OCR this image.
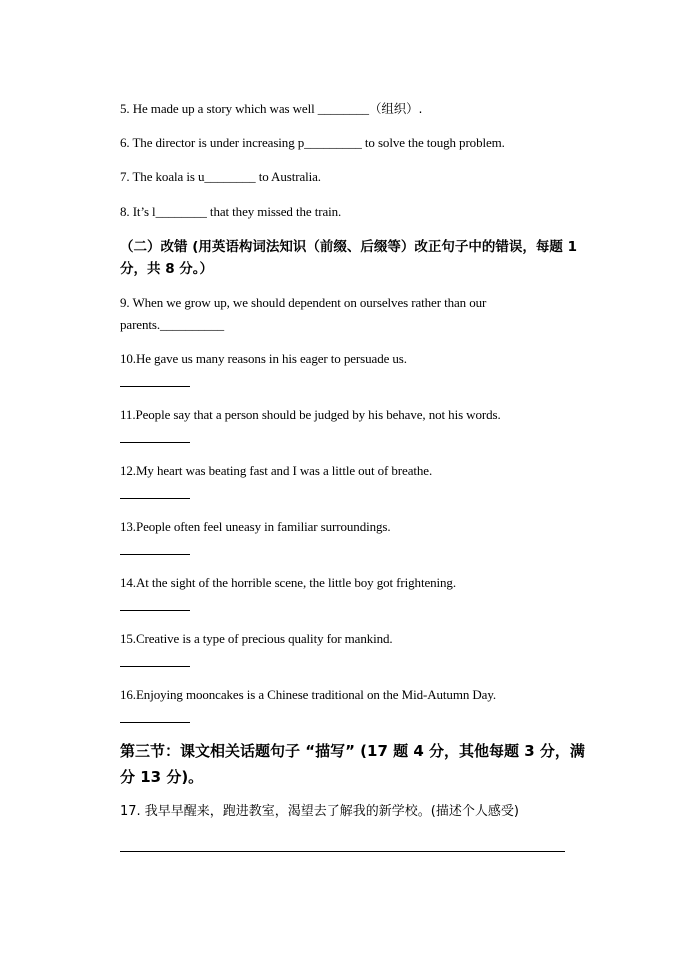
5. He made up a story which was well ________（组织）.
6. The director is under increasing p_________ to solve the tough problem.
7. The koala is u________ to Australia.
8. It’s l________ that they missed the train.
（二）改错 (用英语构词法知识（前缀、后缀等）改正句子中的错误，每题 1 分，共 8 分。）
9. When we grow up, we should dependent on ourselves rather than our parents.__________
10.He gave us many reasons in his eager to persuade us.
11.People say that a person should be judged by his behave, not his words.
12.My heart was beating fast and I was a little out of breathe.
13.People often feel uneasy in familiar surroundings.
14.At the sight of the horrible scene, the little boy got frightening.
15.Creative is a type of precious quality for mankind.
16.Enjoying mooncakes is a Chinese traditional on the Mid-Autumn Day.
第三节：课文相关话题句子 “描写” (17 题 4 分，其他每题 3 分，满分 13 分)。
17. 我早早醒来，跑进教室，渴望去了解我的新学校。(描述个人感受)
